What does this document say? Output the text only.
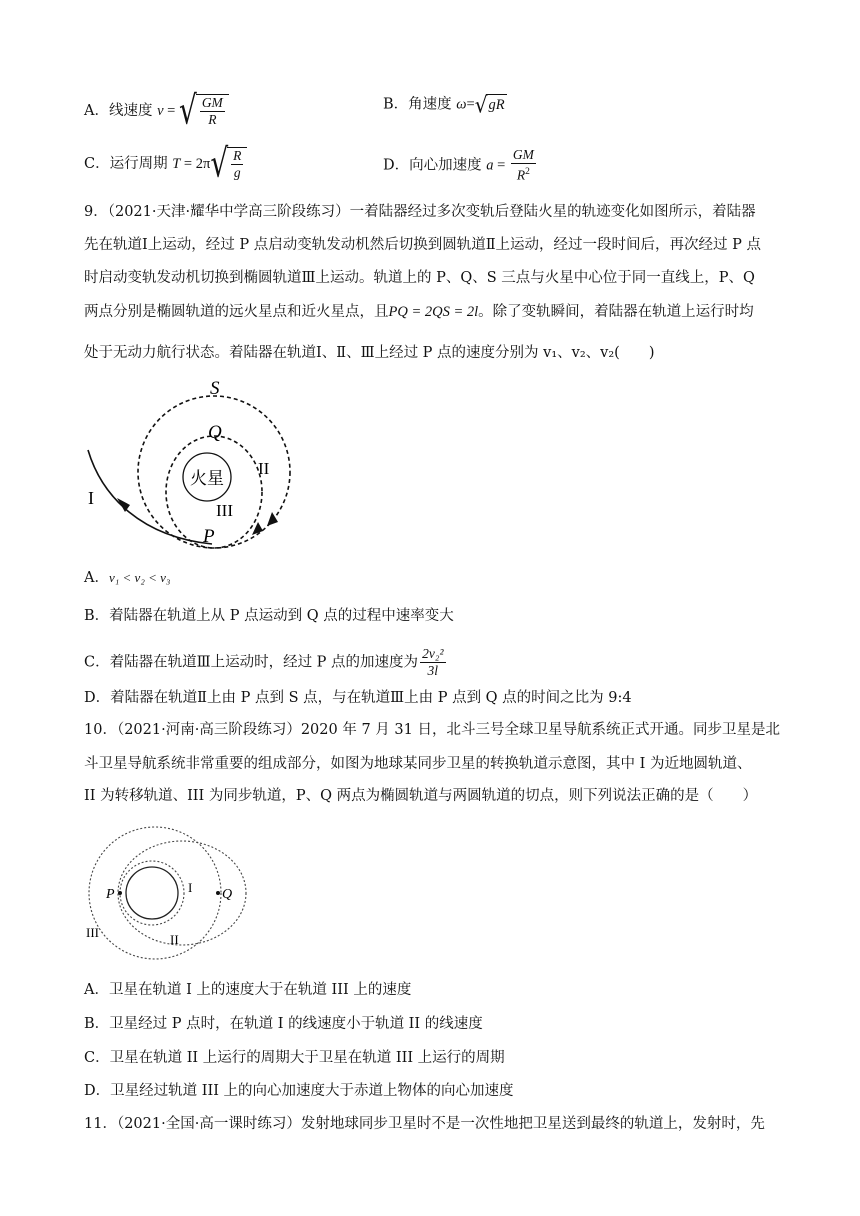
A．线速度 v = √ $\frac{GM}{R}$	B．角速度 ω=√gR
C．运行周期 $T = 2\pi√ \frac{R}{g}$	D．向心加速度 $a = \frac{GM}{R^2}$
9．（2021·天津·耀华中学高三阶段练习）一着陆器经过多次变轨后登陆火星的轨迹变化如图所示，着陆器
先在轨道Ⅰ上运动，经过 P 点启动变轨发动机然后切换到圆轨道Ⅱ上运动，经过一段时间后，再次经过 P 点
时启动变轨发动机切换到椭圆轨道Ⅲ上运动。轨道上的 P、Q、S 三点与火星中心位于同一直线上，P、Q
两点分别是椭圆轨道的远火星点和近火星点，且PQ = 2QS = 2l。除了变轨瞬间，着陆器在轨道上运行时均
处于无动力航行状态。着陆器在轨道Ⅰ、Ⅱ、Ⅲ上经过 P 点的速度分别为 v₁、v₂、v₂(　　)
火星
S
Q
P
I
II
III
A．v₁ < v₂ < v₃
B．着陆器在轨道上从 P 点运动到 Q 点的过程中速率变大
C．着陆器在轨道Ⅲ上运动时，经过 P 点的加速度为 $\frac{\text{2v₂²}}{3l}$
D．着陆器在轨道Ⅱ上由 P 点到 S 点，与在轨道Ⅲ上由 P 点到 Q 点的时间之比为 9:4
10．（2021·河南·高三阶段练习）2020 年 7 月 31 日，北斗三号全球卫星导航系统正式开通。同步卫星是北
斗卫星导航系统非常重要的组成部分，如图为地球某同步卫星的转换轨道示意图，其中 I 为近地圆轨道、
II 为转移轨道、III 为同步轨道，P、Q 两点为椭圆轨道与两圆轨道的切点，则下列说法正确的是（　　）
P	Q
I
II
III
A．卫星在轨道 I 上的速度大于在轨道 III 上的速度
B．卫星经过 P 点时，在轨道 I 的线速度小于轨道 II 的线速度
C．卫星在轨道 II 上运行的周期大于卫星在轨道 III 上运行的周期
D．卫星经过轨道 III 上的向心加速度大于赤道上物体的向心加速度
11．（2021·全国·高一课时练习）发射地球同步卫星时不是一次性地把卫星送到最终的轨道上，发射时，先
